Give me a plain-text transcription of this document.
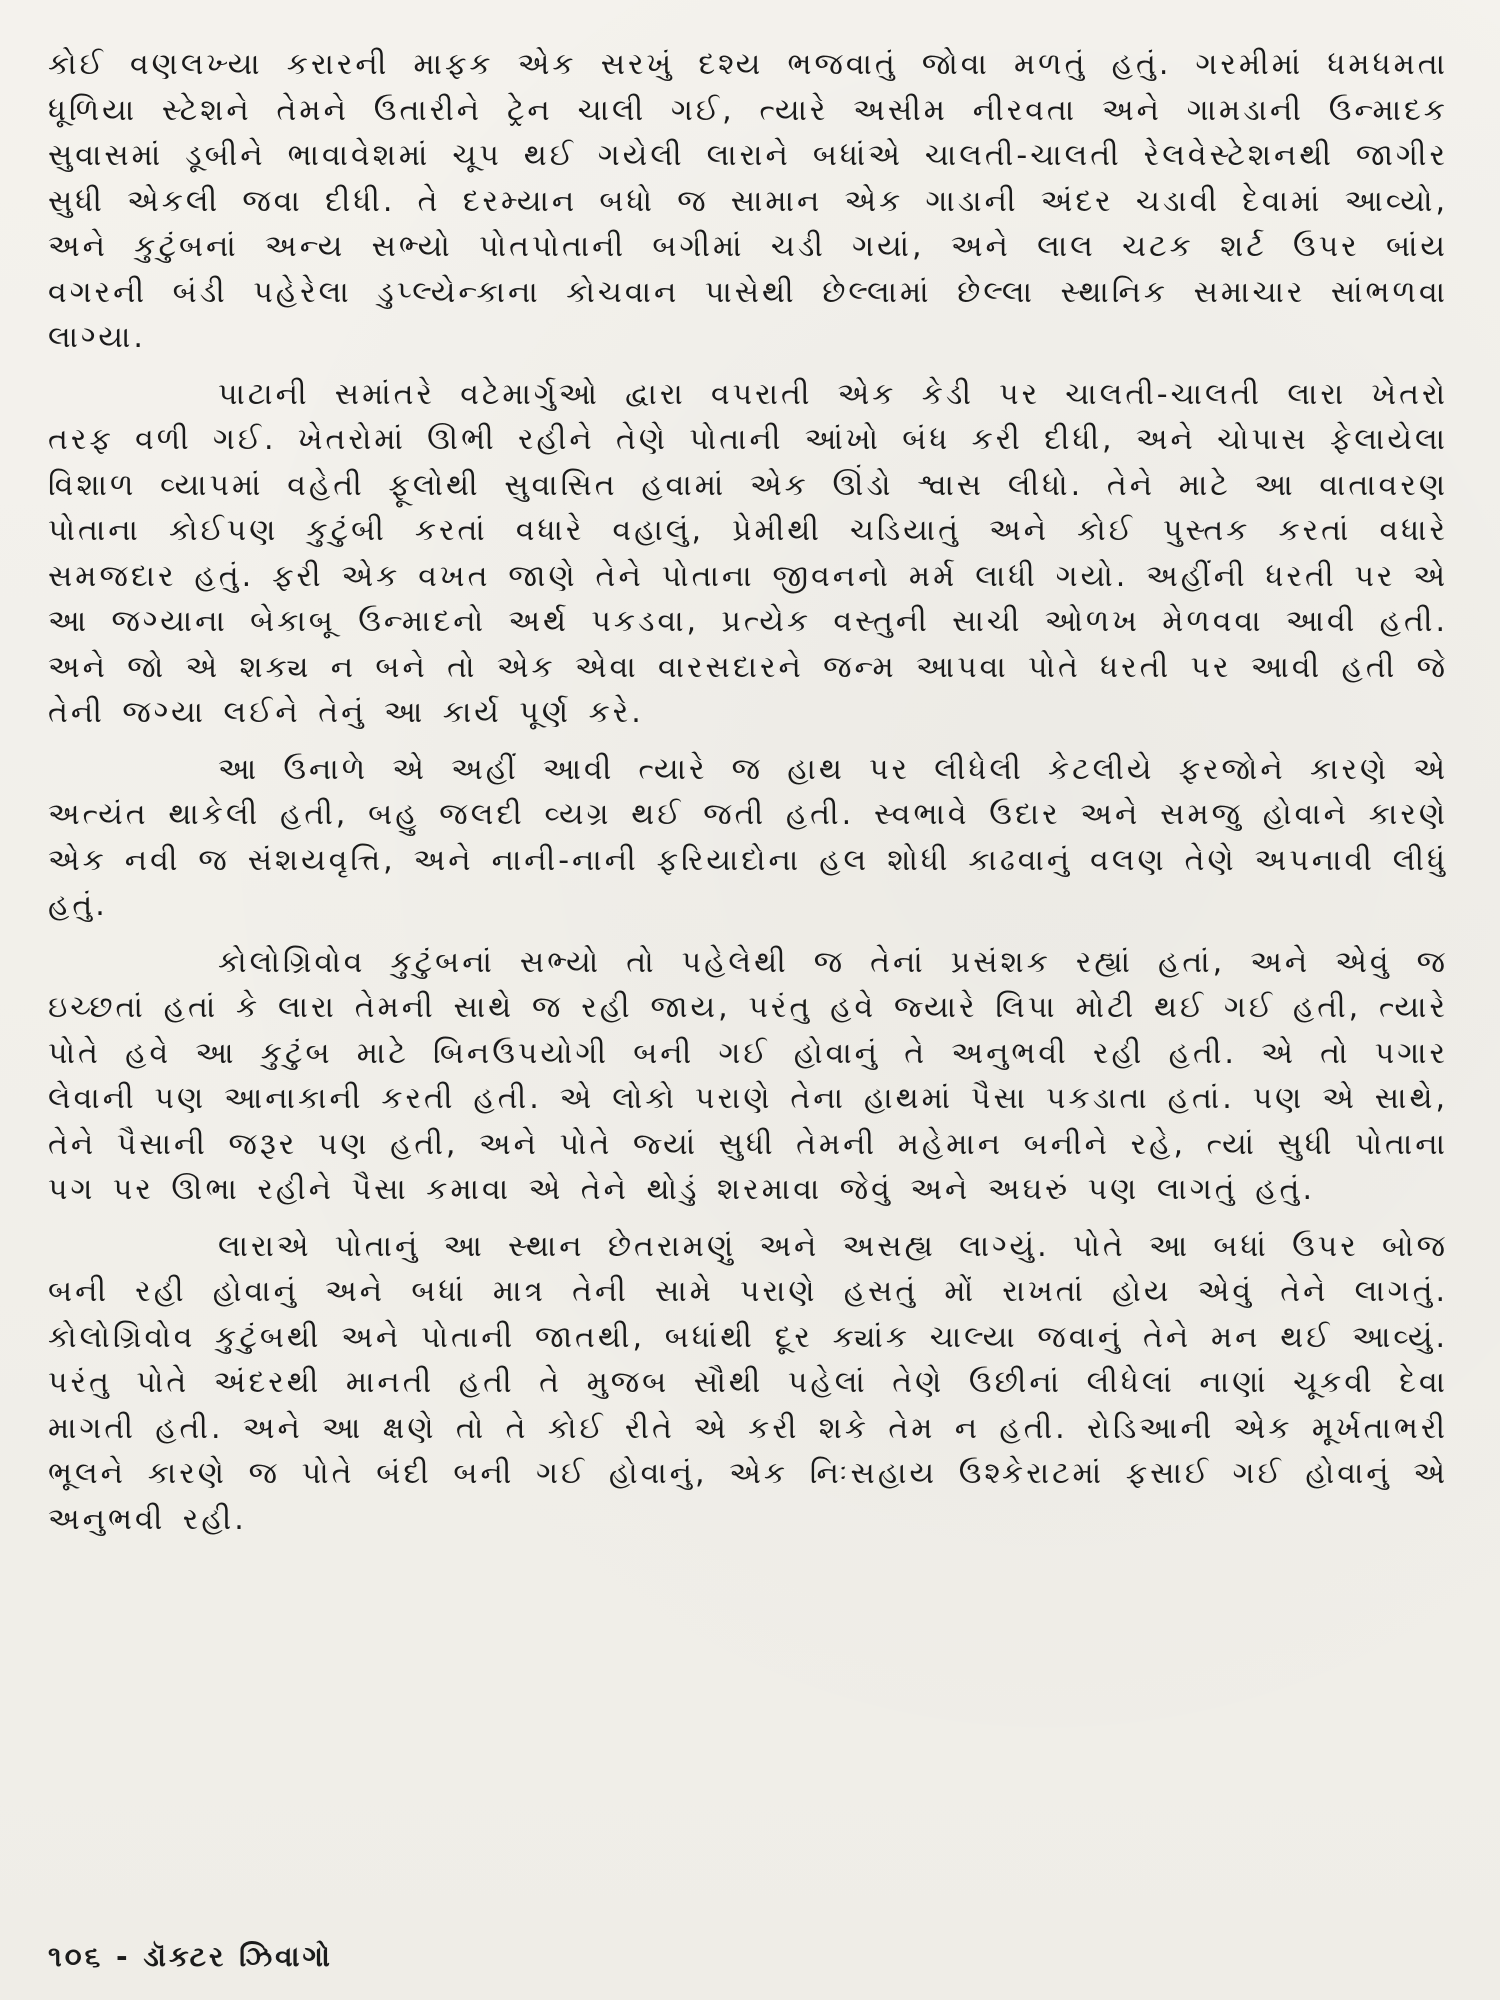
કોઈ વણલખ્યા કરારની માફક એક સરખું દશ્ય ભજવાતું જોવા મળતું હતું. ગરમીમાં ધમધમતા ધૂળિયા સ્ટેશને તેમને ઉતારીને ટ્રેન ચાલી ગઈ, ત્યારે અસીમ નીરવતા અને ગામડાની ઉન્માદક સુવાસમાં ડૂબીને ભાવાવેશમાં ચૂપ થઈ ગયેલી લારાને બધાંએ ચાલતી-ચાલતી રેલવેસ્ટેશનથી જાગીર સુધી એકલી જવા દીધી. તે દરમ્યાન બધો જ સામાન એક ગાડાની અંદર ચડાવી દેવામાં આવ્યો, અને કુટુંબનાં અન્ય સભ્યો પોતપોતાની બગીમાં ચડી ગયાં, અને લાલ ચટક શર્ટ ઉપર બાંય વગરની બંડી પહેરેલા ડુપ્લ્યેન્કાના કોચવાન પાસેથી છેલ્લામાં છેલ્લા સ્થાનિક સમાચાર સાંભળવા લાગ્યા.

પાટાની સમાંતરે વટેમાર્ગુઓ દ્વારા વપરાતી એક કેડી પર ચાલતી-ચાલતી લારા ખેતરો તરફ વળી ગઈ. ખેતરોમાં ઊભી રહીને તેણે પોતાની આંખો બંધ કરી દીધી, અને ચોપાસ ફેલાયેલા વિશાળ વ્યાપમાં વહેતી ફૂલોથી સુવાસિત હવામાં એક ઊંડો શ્વાસ લીધો. તેને માટે આ વાતાવરણ પોતાના કોઈપણ કુટુંબી કરતાં વધારે વહાલું, પ્રેમીથી ચડિયાતું અને કોઈ પુસ્તક કરતાં વધારે સમજદાર હતું. ફરી એક વખત જાણે તેને પોતાના જીવનનો મર્મ લાધી ગયો. અહીંની ધરતી પર એ આ જગ્યાના બેકાબૂ ઉન્માદનો અર્થ પકડવા, પ્રત્યેક વસ્તુની સાચી ઓળખ મેળવવા આવી હતી. અને જો એ શક્ય ન બને તો એક એવા વારસદારને જન્મ આપવા પોતે ધરતી પર આવી હતી જે તેની જગ્યા લઈને તેનું આ કાર્ય પૂર્ણ કરે.

આ ઉનાળે એ અહીં આવી ત્યારે જ હાથ પર લીધેલી કેટલીયે ફરજોને કારણે એ અત્યંત થાકેલી હતી, બહુ જલદી વ્યગ્ર થઈ જતી હતી. સ્વભાવે ઉદાર અને સમજુ હોવાને કારણે એક નવી જ સંશયવૃત્તિ, અને નાની-નાની ફરિયાદોના હલ શોધી કાઢવાનું વલણ તેણે અપનાવી લીધું હતું.

કોલોગ્રિવોવ કુટુંબનાં સભ્યો તો પહેલેથી જ તેનાં પ્રસંશક રહ્યાં હતાં, અને એવું જ ઇચ્છતાં હતાં કે લારા તેમની સાથે જ રહી જાય, પરંતુ હવે જ્યારે લિપા મોટી થઈ ગઈ હતી, ત્યારે પોતે હવે આ કુટુંબ માટે બિનઉપયોગી બની ગઈ હોવાનું તે અનુભવી રહી હતી. એ તો પગાર લેવાની પણ આનાકાની કરતી હતી. એ લોકો પરાણે તેના હાથમાં પૈસા પકડાતા હતાં. પણ એ સાથે, તેને પૈસાની જરૂર પણ હતી, અને પોતે જ્યાં સુધી તેમની મહેમાન બનીને રહે, ત્યાં સુધી પોતાના પગ પર ઊભા રહીને પૈસા કમાવા એ તેને થોડું શરમાવા જેવું અને અઘરું પણ લાગતું હતું.

લારાએ પોતાનું આ સ્થાન છેતરામણું અને અસહ્ય લાગ્યું. પોતે આ બધાં ઉપર બોજ બની રહી હોવાનું અને બધાં માત્ર તેની સામે પરાણે હસતું મોં રાખતાં હોય એવું તેને લાગતું. કોલોગ્રિવોવ કુટુંબથી અને પોતાની જાતથી, બધાંથી દૂર ક્યાંક ચાલ્યા જવાનું તેને મન થઈ આવ્યું. પરંતુ પોતે અંદરથી માનતી હતી તે મુજબ સૌથી પહેલાં તેણે ઉછીનાં લીધેલાં નાણાં ચૂકવી દેવા માગતી હતી. અને આ ક્ષણે તો તે કોઈ રીતે એ કરી શકે તેમ ન હતી. રોડિઆની એક મૂર્ખતાભરી ભૂલને કારણે જ પોતે બંદી બની ગઈ હોવાનું, એક નિઃસહાય ઉશ્કેરાટમાં ફસાઈ ગઈ હોવાનું એ અનુભવી રહી.

૧૦૬ - ડૉક્ટર ઝિવાગો
